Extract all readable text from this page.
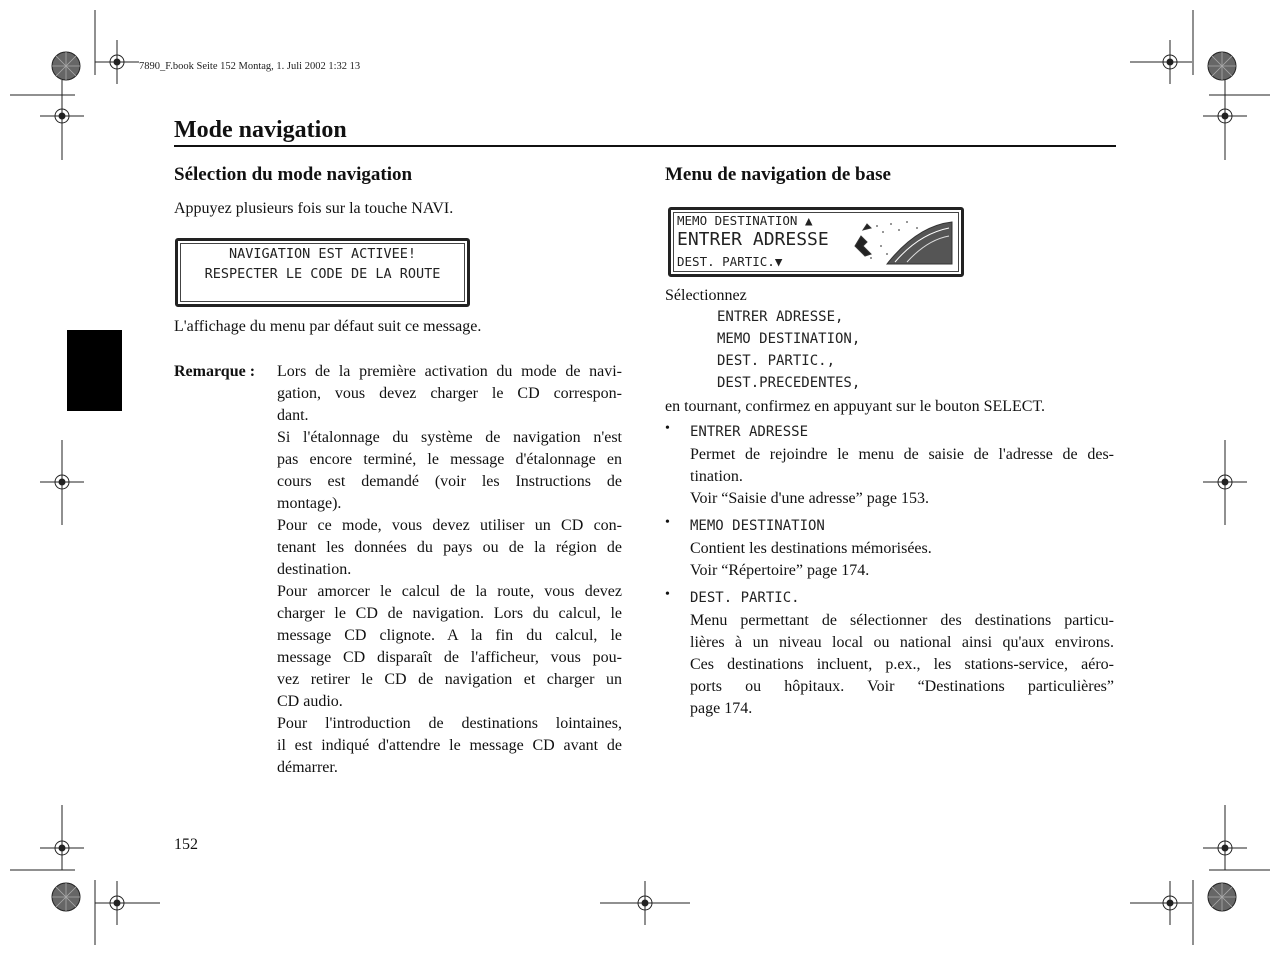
7890_F.book Seite 152 Montag, 1. Juli 2002 1:32 13
Mode navigation
Sélection du mode navigation
Appuyez plusieurs fois sur la touche NAVI.
NAVIGATION EST ACTIVEE!
RESPECTER LE CODE DE LA ROUTE
L'affichage du menu par défaut suit ce message.
Remarque : Lors de la première activation du mode de navi-
gation, vous devez charger le CD correspon-
dant.
Si l'étalonnage du système de navigation n'est
pas encore terminé, le message d'étalonnage en
cours est demandé (voir les Instructions de
montage).
Pour ce mode, vous devez utiliser un CD con-
tenant les données du pays ou de la région de
destination.
Pour amorcer le calcul de la route, vous devez
charger le CD de navigation. Lors du calcul, le
message CD clignote. A la fin du calcul, le
message CD disparaît de l'afficheur, vous pou-
vez retirer le CD de navigation et charger un
CD audio.
Pour l'introduction de destinations lointaines,
il est indiqué d'attendre le message CD avant de
démarrer.
Menu de navigation de base
MEMO DESTINATION ▲
ENTRER ADRESSE
DEST. PARTIC.▼
Sélectionnez
ENTRER ADRESSE,
MEMO DESTINATION,
DEST. PARTIC.,
DEST.PRECEDENTES,
en tournant, confirmez en appuyant sur le bouton SELECT.
• ENTRER ADRESSE
Permet de rejoindre le menu de saisie de l'adresse de des-
tination.
Voir “Saisie d'une adresse” page 153.
• MEMO DESTINATION
Contient les destinations mémorisées.
Voir “Répertoire” page 174.
• DEST. PARTIC.
Menu permettant de sélectionner des destinations particu-
lières à un niveau local ou national ainsi qu'aux environs.
Ces destinations incluent, p.ex., les stations-service, aéro-
ports ou hôpitaux. Voir “Destinations particulières”
page 174.
152
